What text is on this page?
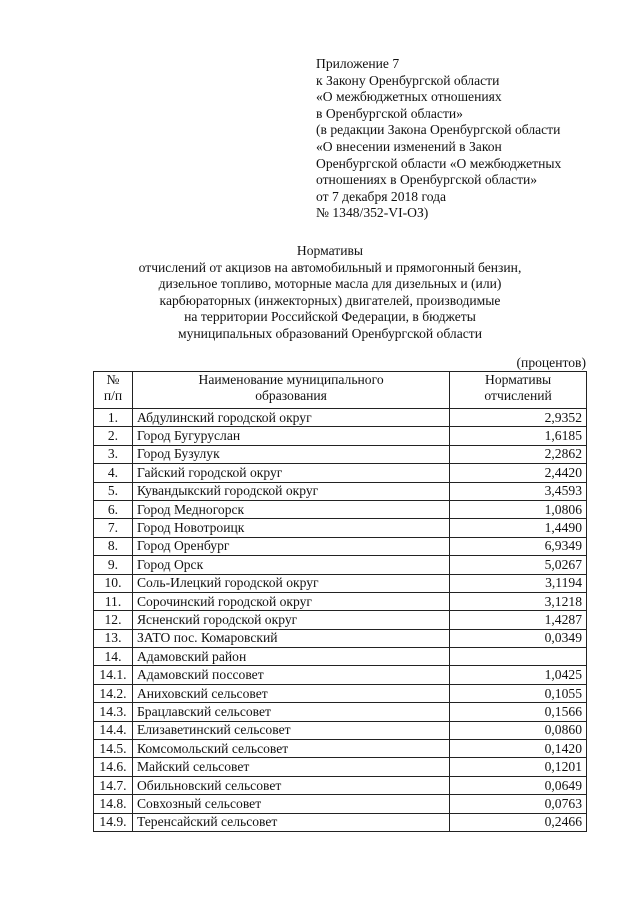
Приложение 7
к Закону Оренбургской области
«О межбюджетных отношениях
в Оренбургской области»
(в редакции Закона Оренбургской области
«О внесении изменений в Закон
Оренбургской области «О межбюджетных
отношениях в Оренбургской области»
от 7 декабря 2018 года
№ 1348/352-VI-ОЗ)
Нормативы
отчислений от акцизов на автомобильный и прямогонный бензин,
дизельное топливо, моторные масла для дизельных и (или)
карбюраторных (инжекторных) двигателей, производимые
на территории Российской Федерации, в бюджеты
муниципальных образований Оренбургской области
(процентов)
№
п/п	Наименование муниципального
образования	Нормативы
отчислений
1.	Абдулинский городской округ	2,9352
2.	Город Бугуруслан	1,6185
3.	Город Бузулук	2,2862
4.	Гайский городской округ	2,4420
5.	Кувандыкский городской округ	3,4593
6.	Город Медногорск	1,0806
7.	Город Новотроицк	1,4490
8.	Город Оренбург	6,9349
9.	Город Орск	5,0267
10.	Соль-Илецкий городской округ	3,1194
11.	Сорочинский городской округ	3,1218
12.	Ясненский городской округ	1,4287
13.	ЗАТО пос. Комаровский	0,0349
14.	Адамовский район	
14.1.	Адамовский поссовет	1,0425
14.2.	Аниховский сельсовет	0,1055
14.3.	Брацлавский сельсовет	0,1566
14.4.	Елизаветинский сельсовет	0,0860
14.5.	Комсомольский сельсовет	0,1420
14.6.	Майский сельсовет	0,1201
14.7.	Обильновский сельсовет	0,0649
14.8.	Совхозный сельсовет	0,0763
14.9.	Теренсайский сельсовет	0,2466
